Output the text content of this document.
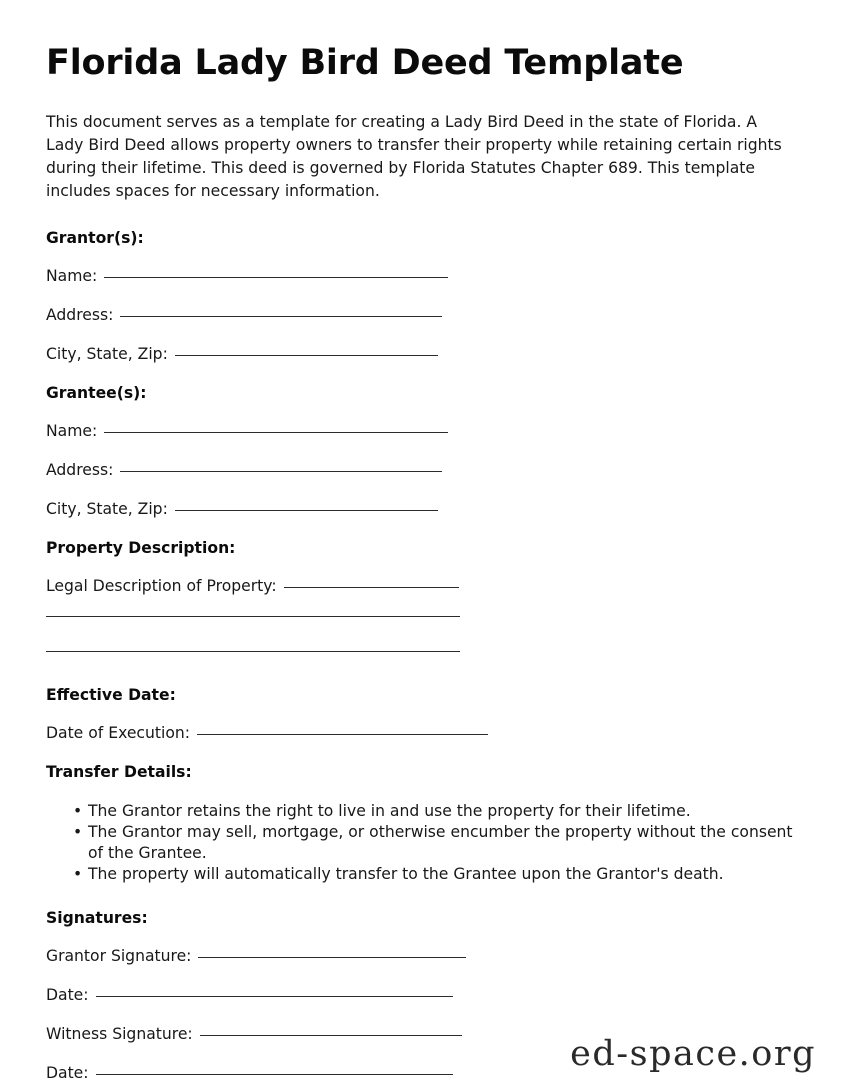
Florida Lady Bird Deed Template

This document serves as a template for creating a Lady Bird Deed in the state of Florida. A Lady Bird Deed allows property owners to transfer their property while retaining certain rights during their lifetime. This deed is governed by Florida Statutes Chapter 689. This template includes spaces for necessary information.

Grantor(s):
Name:
Address:
City, State, Zip:
Grantee(s):
Name:
Address:
City, State, Zip:
Property Description:
Legal Description of Property:
Effective Date:
Date of Execution:
Transfer Details:
• The Grantor retains the right to live in and use the property for their lifetime.
• The Grantor may sell, mortgage, or otherwise encumber the property without the consent of the Grantee.
• The property will automatically transfer to the Grantee upon the Grantor's death.
Signatures:
Grantor Signature:
Date:
Witness Signature:
Date:	ed-space.org
